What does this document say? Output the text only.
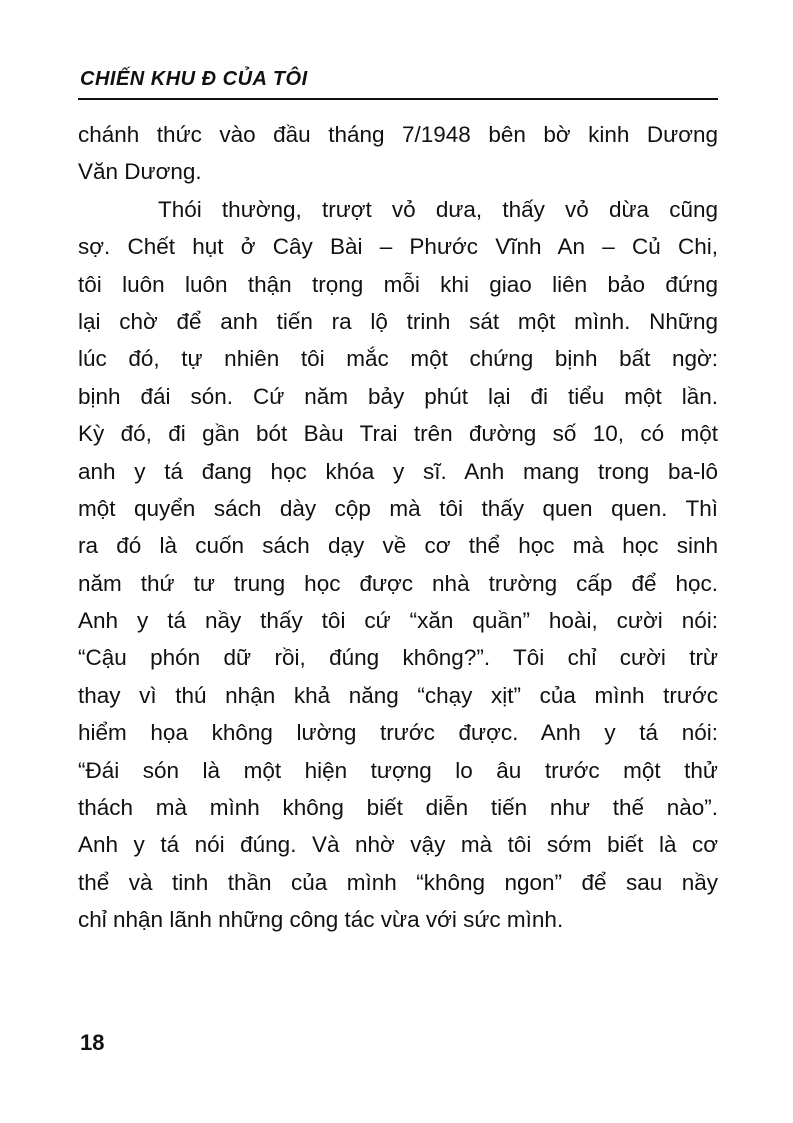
CHIẾN KHU Đ CỦA TÔI
chánh thức vào đầu tháng 7/1948 bên bờ kinh Dương
Văn Dương.
Thói thường, trượt vỏ dưa, thấy vỏ dừa cũng
sợ. Chết hụt ở Cây Bài – Phước Vĩnh An – Củ Chi,
tôi luôn luôn thận trọng mỗi khi giao liên bảo đứng
lại chờ để anh tiến ra lộ trinh sát một mình. Những
lúc đó, tự nhiên tôi mắc một chứng bịnh bất ngờ:
bịnh đái són. Cứ năm bảy phút lại đi tiểu một lần.
Kỳ đó, đi gần bót Bàu Trai trên đường số 10, có một
anh y tá đang học khóa y sĩ. Anh mang trong ba-lô
một quyển sách dày cộp mà tôi thấy quen quen. Thì
ra đó là cuốn sách dạy về cơ thể học mà học sinh
năm thứ tư trung học được nhà trường cấp để học.
Anh y tá nầy thấy tôi cứ “xăn quần” hoài, cười nói:
“Cậu phón dữ rồi, đúng không?”. Tôi chỉ cười trừ
thay vì thú nhận khả năng “chạy xịt” của mình trước
hiểm họa không lường trước được. Anh y tá nói:
“Đái són là một hiện tượng lo âu trước một thử
thách mà mình không biết diễn tiến như thế nào”.
Anh y tá nói đúng. Và nhờ vậy mà tôi sớm biết là cơ
thể và tinh thần của mình “không ngon” để sau nầy
chỉ nhận lãnh những công tác vừa với sức mình.
18
